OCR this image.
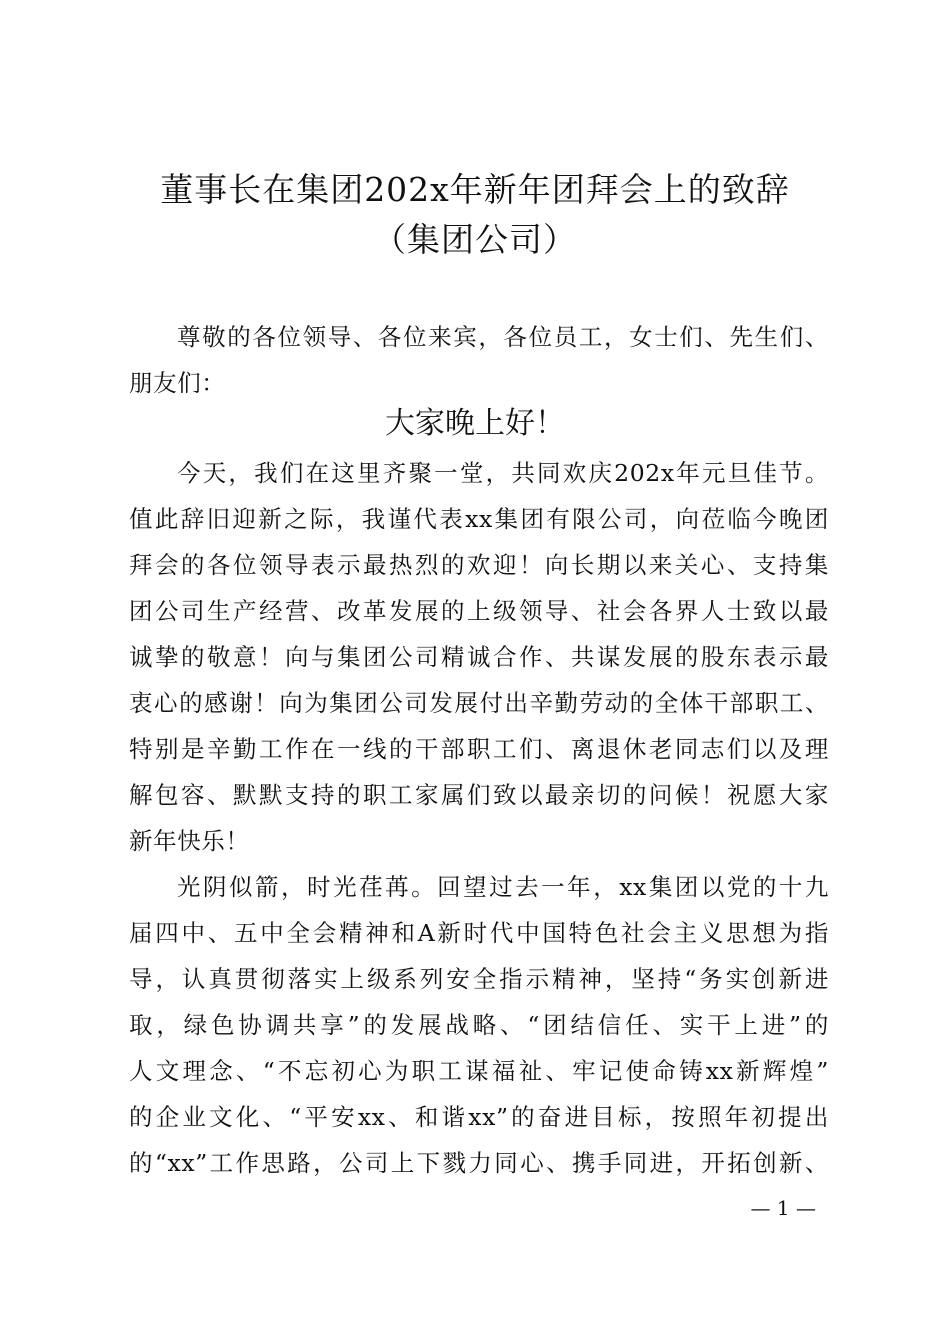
董事长在集团202x年新年团拜会上的致辞
（集团公司）
尊敬的各位领导、各位来宾，各位员工，女士们、先生们、
朋友们：
大家晚上好！
今天，我们在这里齐聚一堂，共同欢庆202x年元旦佳节。
值此辞旧迎新之际，我谨代表xx集团有限公司，向莅临今晚团
拜会的各位领导表示最热烈的欢迎！向长期以来关心、支持集
团公司生产经营、改革发展的上级领导、社会各界人士致以最
诚挚的敬意！向与集团公司精诚合作、共谋发展的股东表示最
衷心的感谢！向为集团公司发展付出辛勤劳动的全体干部职工、
特别是辛勤工作在一线的干部职工们、离退休老同志们以及理
解包容、默默支持的职工家属们致以最亲切的问候！祝愿大家
新年快乐！
光阴似箭，时光荏苒。回望过去一年，xx集团以党的十九
届四中、五中全会精神和A新时代中国特色社会主义思想为指
导，认真贯彻落实上级系列安全指示精神，坚持“务实创新进
取，绿色协调共享”的发展战略、“团结信任、实干上进”的
人文理念、“不忘初心为职工谋福祉、牢记使命铸xx新辉煌”
的企业文化、“平安xx、和谐xx”的奋进目标，按照年初提出
的“xx”工作思路，公司上下戮力同心、携手同进，开拓创新、
— 1 —
